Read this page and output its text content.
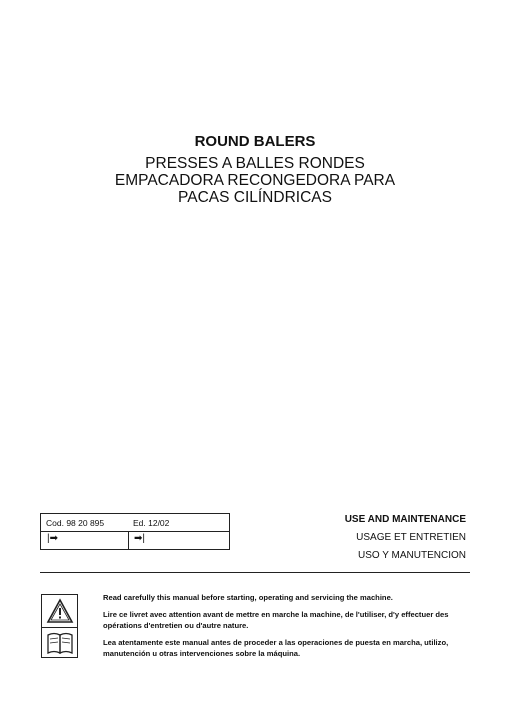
ROUND BALERS
PRESSES A BALLES RONDES
EMPACADORA RECONGEDORA PARA
PACAS CILÍNDRICAS
Cod. 98 20 895	Ed. 12/02
|➡	➡|
USE AND MAINTENANCE
USAGE ET ENTRETIEN
USO Y MANUTENCION

Read carefully this manual before starting, operating and servicing the machine.

Lire ce livret avec attention avant de mettre en marche la machine, de l'utiliser, d'y effectuer des opérations d'entretien ou d'autre nature.

Lea atentamente este manual antes de proceder a las operaciones de puesta en marcha, utilizo, manutención u otras intervenciones sobre la máquina.
